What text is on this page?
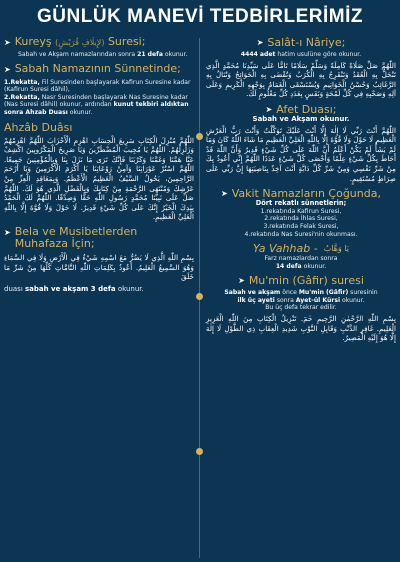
GÜNLÜK MANEVİ TEDBİRLERİMİZ
➤ Kureyş (لإِيلَافِ قُرَيْشٍ) Suresi;
Sabah ve Akşam namazlarından sonra 21 defa okunur.
➤ Sabah Namazının Sünnetinde;
1.Rekatta, Fil Suresinden başlayarak Kafirun Suresine kadar (Kafirun Suresi dâhil),
2.Rekatta, Nasr Suresinden başlayarak Nas Suresine kadar (Nas Suresi dâhil) okunur, ardından kunut tekbiri aldıktan sonra Ahzab Duası okunur.
Ahzâb Duâsı
اللّٰهُمَّ مُنْزِلَ الْكِتَابِ سَرِيعَ الْحِسَابِ اهْزِمِ الْأَحْزَابَ اللّٰهُمَّ اهْزِمْهُمْ وَزَلْزِلْهُمْ. اللّٰهُمَّ يَا مُجِيبَ الْمُضْطَرِّينَ وَيَا صَرِيخَ الْمَكْرُوبِينَ اكْشِفْ عَنَّا هَمَّنَا وَغَمَّنَا وَكَرْبَنَا فَإِنَّكَ تَرَى مَا نَزَلَ بِنَا وَبِالْمُؤْمِنِينَ جَمِيعًا. اللّٰهُمَّ اسْتُرْ عَوْرَاتِنَا وَآمِنْ رَوْعَاتِنَا يَا أَكْرَمَ الْأَكْرَمِينَ وَيَا أَرْحَمَ الرَّاحِمِينَ، يَحُولُ السَّيْفُ الْعَظِيمُ الْأَعْظَمُ. وَبِمَعَاقِدِ الْعِزِّ مِنْ عَرْشِكَ وَمُنْتَهَى الرَّحْمَةِ مِنْ كِتَابِكَ وَبِالْفَضْلِ الَّذِي هُوَ لَكَ. اللّٰهُمَّ صَلِّ عَلَى نَبِيِّنَا مُحَمَّدٍ رَسُولِ اللّٰهِ حَقًّا وَصِدْقًا. اللّٰهُمَّ لَكَ الْحَمْدُ بِيَدِكَ الْخَيْرُ إِنَّكَ عَلَى كُلِّ شَيْءٍ قَدِيرٌ. لَا حَوْلَ وَلَا قُوَّةَ إِلَّا بِاللّٰهِ الْعَلِيِّ الْعَظِيمِ.
➤ Bela ve Musibetlerden Muhafaza İçin;
بِسْمِ اللّٰهِ الَّذِي لَا يَضُرُّ مَعَ اسْمِهِ شَيْءٌ فِي الْأَرْضِ وَلَا فِي السَّمَاءِ وَهُوَ السَّمِيعُ الْعَلِيمُ. أَعُوذُ بِكَلِمَاتِ اللّٰهِ التَّامَّاتِ كُلِّهَا مِنْ شَرِّ مَا خَلَقَ
duası sabah ve akşam 3 defa okunur.
➤ Salât-ı Nâriye;
4444 adet hatim usulüne göre okunur.
اللّٰهُمَّ صَلِّ صَلَاةً كَامِلَةً وَسَلِّمْ سَلَامًا تَامًّا عَلَى سَيِّدِنَا مُحَمَّدٍ الَّذِي تَنْحَلُّ بِهِ الْعُقَدُ وَتَنْفَرِجُ بِهِ الْكُرَبُ وَتُقْضَى بِهِ الْحَوَائِجُ وَتُنَالُ بِهِ الرَّغَائِبُ وَحُسْنُ الْخَوَاتِيمِ وَيُسْتَسْقَى الْغَمَامُ بِوَجْهِهِ الْكَرِيمِ وَعَلَى آلِهِ وَصَحْبِهِ فِي كُلِّ لَمْحَةٍ وَنَفَسٍ بِعَدَدِ كُلِّ مَعْلُومٍ لَكَ.
➤ Afet Duası;
Sabah ve Akşam okunur.
اللّٰهُمَّ أَنْتَ رَبِّي لَا إِلٰهَ إِلَّا أَنْتَ عَلَيْكَ تَوَكَّلْتُ وَأَنْتَ رَبُّ الْعَرْشِ الْعَظِيمِ لَا حَوْلَ وَلَا قُوَّةَ إِلَّا بِاللّٰهِ الْعَلِيِّ الْعَظِيمِ مَا شَاءَ اللّٰهُ كَانَ وَمَا لَمْ يَشَأْ لَمْ يَكُنْ أَعْلَمُ أَنَّ اللّٰهَ عَلَى كُلِّ شَيْءٍ قَدِيرٌ وَأَنَّ اللّٰهَ قَدْ أَحَاطَ بِكُلِّ شَيْءٍ عِلْمًا وَأَحْصَى كُلَّ شَيْءٍ عَدَدًا اللّٰهُمَّ إِنِّي أَعُوذُ بِكَ مِنْ شَرِّ نَفْسِي وَمِنْ شَرِّ كُلِّ دَابَّةٍ أَنْتَ آخِذٌ بِنَاصِيَتِهَا إِنَّ رَبِّي عَلَى صِرَاطٍ مُسْتَقِيمٍ.
➤ Vakit Namazların Çoğunda,
Dört rekatlı sünnetlerin;
1.rekatında Kafirun Suresi,
2.rekatında İhlas Suresi,
3.rekatında Felak Suresi,
4.rekatında Nas Suresi'nin okunması.
Ya Vahhab - يَا وَهَّابُ
Farz namazlardan sonra
14 defa okunur.
➤ Mu'min (Gâfir) suresi
Sabah ve akşam önce Mu'min (Gâfir) suresinin
ilk üç ayeti sonra Ayet-ül Kürsi okunur.
Bu üç defa tekrar edilir.
بِسْمِ اللّٰهِ الرَّحْمٰنِ الرَّحِيمِ حٰمٓ. تَنْزِيلُ الْكِتَابِ مِنَ اللّٰهِ الْعَزِيزِ الْعَلِيمِ. غَافِرِ الذَّنْبِ وَقَابِلِ التَّوْبِ شَدِيدِ الْعِقَابِ ذِي الطَّوْلِ لَا إِلٰهَ إِلَّا هُوَ إِلَيْهِ الْمَصِيرُ.
